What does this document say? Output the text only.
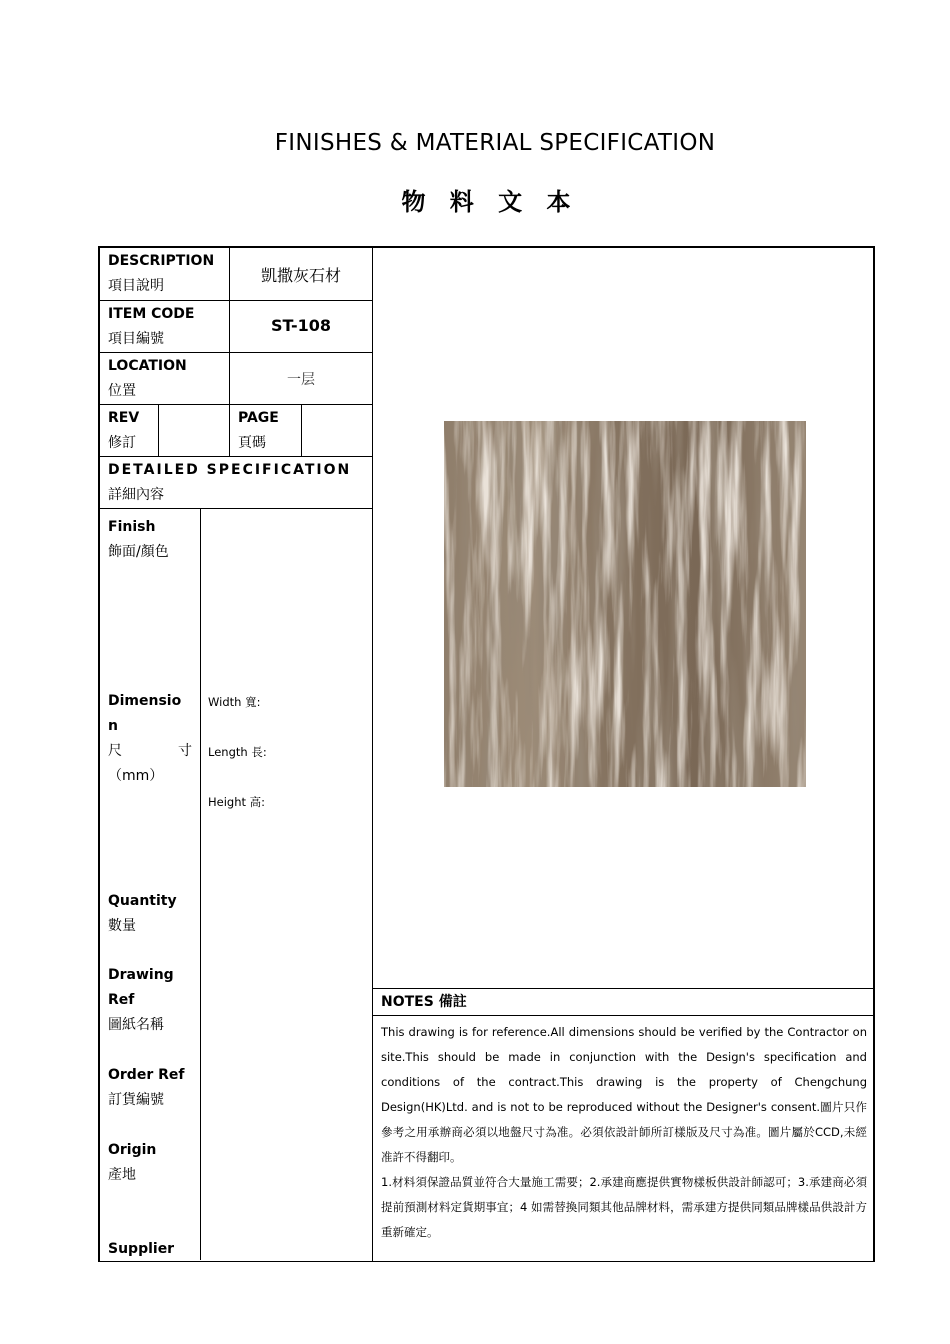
FINISHES & MATERIAL SPECIFICATION
物 料 文 本
DESCRIPTION
項目說明
凱撒灰石材
ITEM CODE
項目編號
ST-108
LOCATION
位置
一层
REV
修訂
PAGE
頁碼
DETAILED SPECIFICATION
詳細內容
Finish
飾面/顏色
Dimensio
n
尺	寸
（mm）
Width 寬:
Length 長:
Height 高:
Quantity
數量
Drawing
Ref
圖紙名稱
Order Ref
訂貨編號
Origin
產地
Supplier
NOTES 備註

This drawing is for reference.All dimensions should be verified by the Contractor on site.This should be made in conjunction with the Design's specification and conditions of the contract.This drawing is the property of Chengchung Design(HK)Ltd. and is not to be reproduced without the Designer's consent.圖片只作參考之用承辦商必須以地盤尺寸為准。必須依設計師所訂樣版及尺寸為准。圖片屬於CCD,未經准許不得翻印。

1.材料須保證品質並符合大量施工需要；2.承建商應提供實物樣板供設計師認可；3.承建商必須提前預測材料定貨期事宜；4 如需替換同類其他品牌材料，需承建方提供同類品牌樣品供設計方重新確定。
